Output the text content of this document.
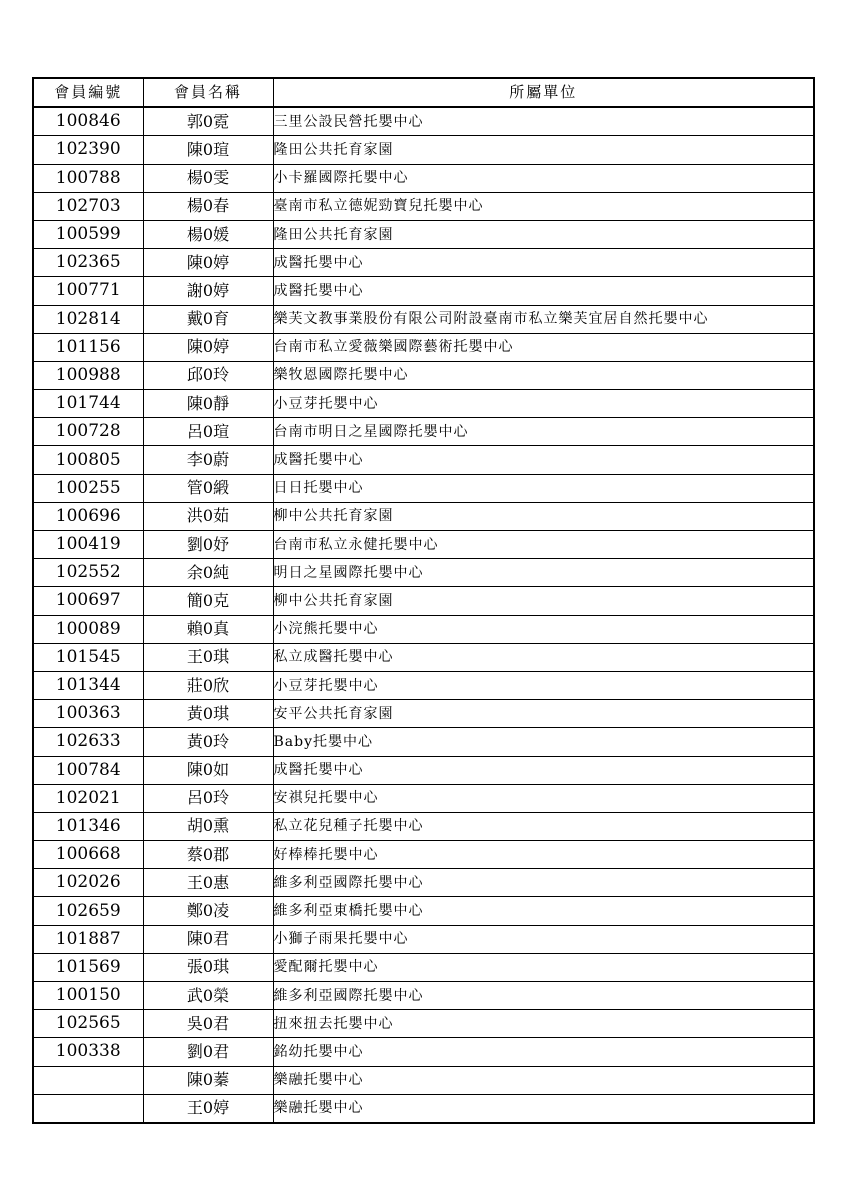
會員編號	會員名稱	所屬單位
100846	郭0霓	三里公設民營托嬰中心
102390	陳0瑄	隆田公共托育家園
100788	楊0雯	小卡羅國際托嬰中心
102703	楊0春	臺南市私立德妮勁寶兒托嬰中心
100599	楊0媛	隆田公共托育家園
102365	陳0婷	成醫托嬰中心
100771	謝0婷	成醫托嬰中心
102814	戴0育	樂芙文教事業股份有限公司附設臺南市私立樂芙宜居自然托嬰中心
101156	陳0婷	台南市私立愛薇樂國際藝術托嬰中心
100988	邱0玲	樂牧恩國際托嬰中心
101744	陳0靜	小豆芽托嬰中心
100728	呂0瑄	台南市明日之星國際托嬰中心
100805	李0蔚	成醫托嬰中心
100255	管0緞	日日托嬰中心
100696	洪0茹	柳中公共托育家園
100419	劉0妤	台南市私立永健托嬰中心
102552	余0純	明日之星國際托嬰中心
100697	簡0克	柳中公共托育家園
100089	賴0真	小浣熊托嬰中心
101545	王0琪	私立成醫托嬰中心
101344	莊0欣	小豆芽托嬰中心
100363	黃0琪	安平公共托育家園
102633	黃0玲	Baby托嬰中心
100784	陳0如	成醫托嬰中心
102021	呂0玲	安祺兒托嬰中心
101346	胡0熏	私立花兒種子托嬰中心
100668	蔡0郡	好棒棒托嬰中心
102026	王0惠	維多利亞國際托嬰中心
102659	鄭0凌	維多利亞東橋托嬰中心
101887	陳0君	小獅子雨果托嬰中心
101569	張0琪	愛配爾托嬰中心
100150	武0榮	維多利亞國際托嬰中心
102565	吳0君	扭來扭去托嬰中心
100338	劉0君	銘幼托嬰中心
	陳0蓁	樂融托嬰中心
	王0婷	樂融托嬰中心
